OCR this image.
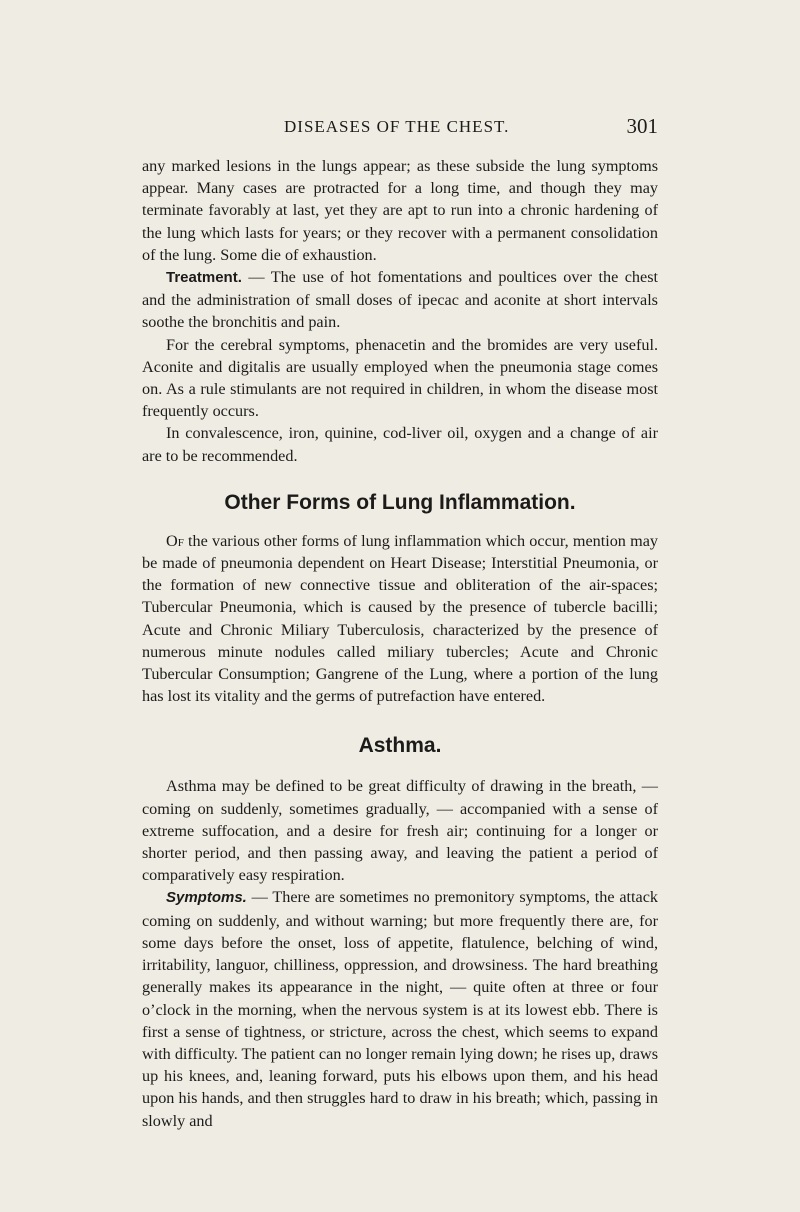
DISEASES OF THE CHEST.	301

any marked lesions in the lungs appear; as these subside the lung symptoms appear. Many cases are protracted for a long time, and though they may terminate favorably at last, yet they are apt to run into a chronic hardening of the lung which lasts for years; or they recover with a permanent consolidation of the lung. Some die of exhaustion.

Treatment. — The use of hot fomentations and poultices over the chest and the administration of small doses of ipecac and aconite at short intervals soothe the bronchitis and pain.

For the cerebral symptoms, phenacetin and the bromides are very useful. Aconite and digitalis are usually employed when the pneumonia stage comes on. As a rule stimulants are not required in children, in whom the disease most frequently occurs.

In convalescence, iron, quinine, cod-liver oil, oxygen and a change of air are to be recommended.

Other Forms of Lung Inflammation.

Of the various other forms of lung inflammation which occur, mention may be made of pneumonia dependent on Heart Disease; Interstitial Pneumonia, or the formation of new connective tissue and obliteration of the air-spaces; Tubercular Pneumonia, which is caused by the presence of tubercle bacilli; Acute and Chronic Miliary Tuberculosis, characterized by the presence of numerous minute nodules called miliary tubercles; Acute and Chronic Tubercular Consumption; Gangrene of the Lung, where a portion of the lung has lost its vitality and the germs of putrefaction have entered.

Asthma.

Asthma may be defined to be great difficulty of drawing in the breath, — coming on suddenly, sometimes gradually, — accompanied with a sense of extreme suffocation, and a desire for fresh air; continuing for a longer or shorter period, and then passing away, and leaving the patient a period of comparatively easy respiration.

Symptoms. — There are sometimes no premonitory symptoms, the attack coming on suddenly, and without warning; but more frequently there are, for some days before the onset, loss of appetite, flatulence, belching of wind, irritability, languor, chilliness, oppression, and drowsiness. The hard breathing generally makes its appearance in the night, — quite often at three or four o’clock in the morning, when the nervous system is at its lowest ebb. There is first a sense of tightness, or stricture, across the chest, which seems to expand with difficulty. The patient can no longer remain lying down; he rises up, draws up his knees, and, leaning forward, puts his elbows upon them, and his head upon his hands, and then struggles hard to draw in his breath; which, passing in slowly and
